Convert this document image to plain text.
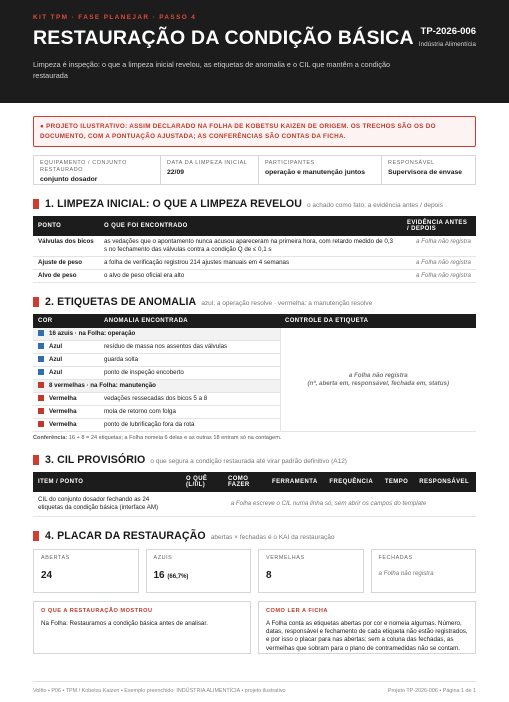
KIT TPM · FASE PLANEJAR · PASSO 4
RESTAURAÇÃO DA CONDIÇÃO BÁSICA
Limpeza é inspeção: o que a limpeza inicial revelou, as etiquetas de anomalia e o CIL que mantêm a condição restaurada
TP-2026-006
Indústria Alimentícia
● PROJETO ILUSTRATIVO: ASSIM DECLARADO NA FOLHA DE KOBETSU KAIZEN DE ORIGEM. OS TRECHOS SÃO OS DO DOCUMENTO, COM A PONTUAÇÃO AJUSTADA; AS CONFERÊNCIAS SÃO CONTAS DA FICHA.
EQUIPAMENTO / CONJUNTO RESTAURADO
conjunto dosador
DATA DA LIMPEZA INICIAL
22/09
PARTICIPANTES
operação e manutenção juntos
RESPONSÁVEL
Supervisora de envase
1. LIMPEZA INICIAL: O QUE A LIMPEZA REVELOU o achado como fato; a evidência antes / depois
PONTO	O QUE FOI ENCONTRADO	EVIDÊNCIA ANTES / DEPOIS
Válvulas dos bicos	as vedações que o apontamento nunca acusou apareceram na primeira hora, com retardo medido de 0,3 s no fechamento das válvulas contra a condição Q de ≤ 0,1 s	a Folha não registra
Ajuste de peso	a folha de verificação registrou 214 ajustes manuais em 4 semanas	a Folha não registra
Alvo de peso	o alvo de peso oficial era alto	a Folha não registra
2. ETIQUETAS DE ANOMALIA azul: a operação resolve · vermelha: a manutenção resolve
COR	ANOMALIA ENCONTRADA	CONTROLE DA ETIQUETA
16 azuis · na Folha: operação		a Folha não registra
(nº, aberta em, responsável, fechada em, status)

Azul	resíduo de massa nos assentos das válvulas	
Azul	guarda solta	
Azul	ponto de inspeção encoberto	
8 vermelhas · na Folha: manutenção		
Vermelha	vedações ressecadas dos bicos 5 a 8	
Vermelha	mola de retorno com folga	
Vermelha	ponto de lubrificação fora da rota	
Conferência: 16 + 8 = 24 etiquetas; a Folha nomeia 6 delas e as outras 18 entram só na contagem.
3. CIL PROVISÓRIO o que segura a condição restaurada até virar padrão definitivo (A12)
ITEM / PONTO	O QUÊ (L/I/L)	COMO FAZER	FERRAMENTA	FREQUÊNCIA	TEMPO	RESPONSÁVEL
CIL do conjunto dosador fechando as 24 etiquetas da condição básica (interface AM)	a Folha escreve o CIL numa linha só, sem abrir os campos do template					
4. PLACAR DA RESTAURAÇÃO abertas × fechadas é o KAI da restauração
ABERTAS
24
AZUIS
16 (66,7%)
VERMELHAS
8
FECHADAS
a Folha não registra
O QUE A RESTAURAÇÃO MOSTROU
Na Folha: Restauramos a condição básica antes de analisar.
COMO LER A FICHA
A Folha conta as etiquetas abertas por cor e nomeia algumas. Número, datas, responsável e fechamento de cada etiqueta não estão registrados, e por isso o placar para nas abertas: sem a coluna das fechadas, as vermelhas que sobram para o plano de contramedidas não se contam.
Voltto • P06 • TPM / Kobetsu Kaizen • Exemplo preenchido: INDÚSTRIA ALIMENTÍCIA • projeto ilustrativo	Projeto TP-2026-006 • Página 1 de 1
